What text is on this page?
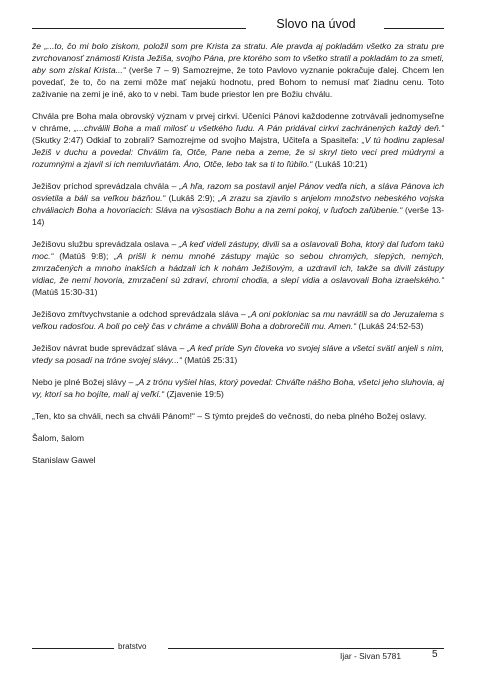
Slovo na úvod

že „...to, čo mi bolo ziskom, položil som pre Krista za stratu. Ale pravda aj pokladám všetko za stratu pre zvrchovanosť známosti Krista Ježiša, svojho Pána, pre ktorého som to všetko stratil a pokladám to za smeti, aby som získal Krista...“ (verše 7 – 9) Samozrejme, že toto Pavlovo vyznanie pokračuje ďalej. Chcem len povedať, že to, čo na zemi môže mať nejakú hodnotu, pred Bohom to nemusí mať žiadnu cenu. Toto zaživanie na zemi je iné, ako to v nebi. Tam bude priestor len pre Božiu chválu.

Chvála pre Boha mala obrovský význam v prvej cirkvi. Učeníci Pánovi každodenne zotrvávali jednomyseľne v chráme, „...chválili Boha a mali milosť u všetkého ľudu. A Pán pridával cirkvi zachránených každý deň.“ (Skutky 2:47) Odkiaľ to zobrali? Samozrejme od svojho Majstra, Učiteľa a Spasiteľa: „V tú hodinu zaplesal Ježiš v duchu a povedal: Chválim ťa, Otče, Pane neba a zeme, že si skryl tieto veci pred múdrymi a rozumnými a zjavil si ich nemluvňatám. Áno, Otče, lebo tak sa ti to ľúbilo.“ (Lukáš 10:21)

Ježišov príchod sprevádzala chvála – „A hľa, razom sa postavil anjel Pánov vedľa nich, a sláva Pánova ich osvietila a báli sa veľkou bázňou.“ (Lukáš 2:9); „A zrazu sa zjavilo s anjelom množstvo nebeského vojska chváliacich Boha a hovoriacich: Sláva na výsostiach Bohu a na zemi pokoj, v ľuďoch zaľúbenie.“ (verše 13-14)

Ježišovu službu sprevádzala oslava – „A keď videli zástupy, divili sa a oslavovali Boha, ktorý dal ľuďom takú moc.“ (Matúš 9:8); „A prišli k nemu mnohé zástupy majúc so sebou chromých, slepých, nemých, zmrzačených a mnoho inakších a hádzali ich k nohám Ježišovým, a uzdravil ich, takže sa divili zástupy vidiac, že nemí hovoria, zmrzačení sú zdraví, chromí chodia, a slepí vidia a oslavovali Boha izraelského.“ (Matúš 15:30-31)

Ježišovo zmŕtvychvstanie a odchod sprevádzala sláva – „A oni pokloniac sa mu navrátili sa do Jeruzalema s veľkou radosťou. A boli po celý čas v chráme a chválili Boha a dobrorečili mu. Amen.“ (Lukáš 24:52-53)

Ježišov návrat bude sprevádzať sláva – „A keď príde Syn človeka vo svojej sláve a všetci svätí anjeli s ním, vtedy sa posadí na tróne svojej slávy...“ (Matúš 25:31)

Nebo je plné Božej slávy – „A z trónu vyšiel hlas, ktorý povedal: Chváľte nášho Boha, všetci jeho sluhovia, aj vy, ktorí sa ho bojíte, malí aj veľkí.“ (Zjavenie 19:5)

„Ten, kto sa chváli, nech sa chváli Pánom!“ – S týmto prejdeš do večnosti, do neba plného Božej oslavy.

Šalom, šalom

Stanislaw Gawel

bratstvo
Ijar - Sivan 5781	5
